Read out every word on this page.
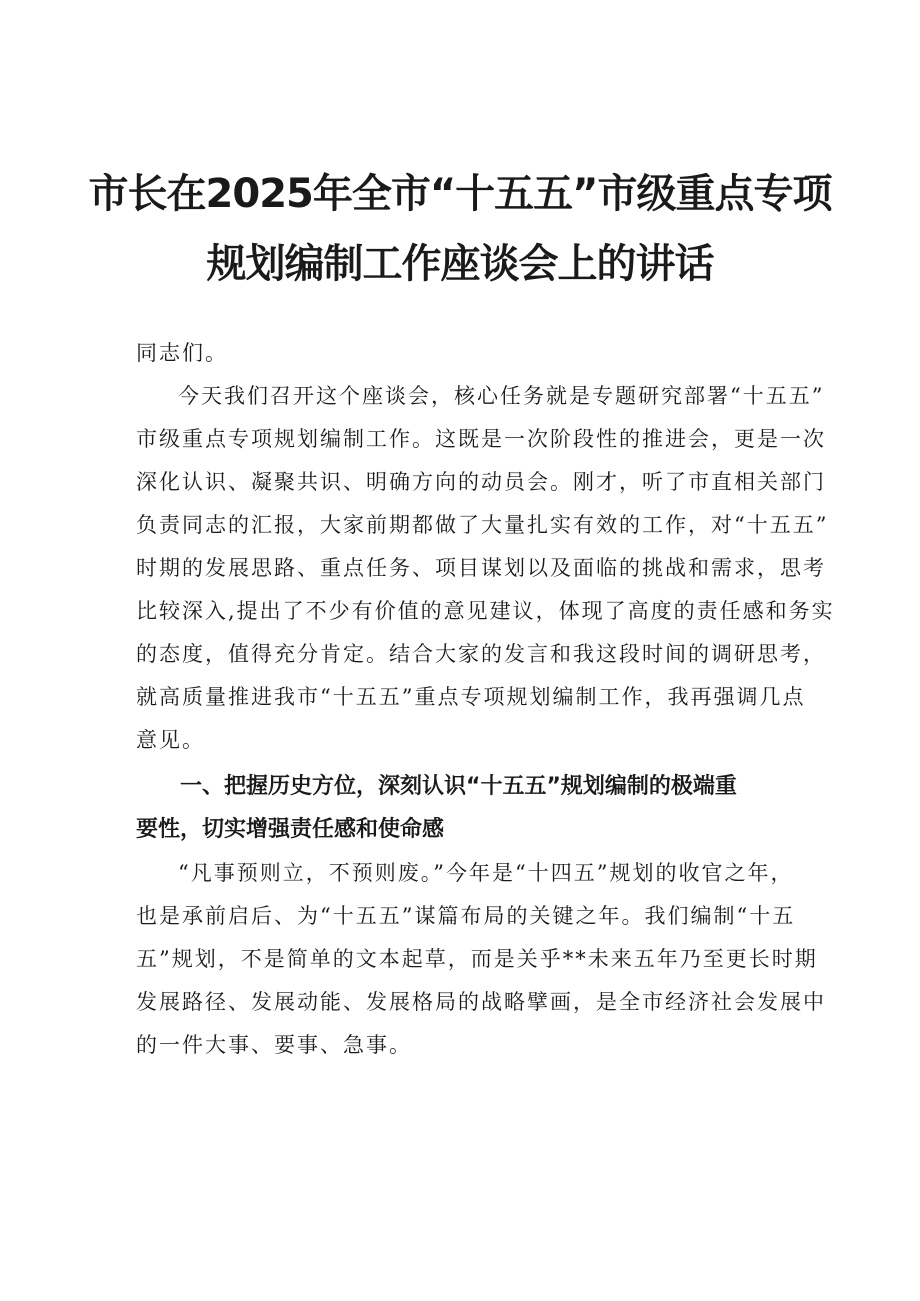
市长在2025年全市“十五五”市级重点专项
规划编制工作座谈会上的讲话

同志们。

今天我们召开这个座谈会，核心任务就是专题研究部署“十五五”

市级重点专项规划编制工作。这既是一次阶段性的推进会，更是一次

深化认识、凝聚共识、明确方向的动员会。刚才，听了市直相关部门

负责同志的汇报，大家前期都做了大量扎实有效的工作，对“十五五”

时期的发展思路、重点任务、项目谋划以及面临的挑战和需求，思考

比较深入,提出了不少有价值的意见建议，体现了高度的责任感和务实

的态度，值得充分肯定。结合大家的发言和我这段时间的调研思考，

就高质量推进我市“十五五”重点专项规划编制工作，我再强调几点

意见。

一、把握历史方位，深刻认识“十五五”规划编制的极端重

要性，切实增强责任感和使命感

“凡事预则立，不预则废。”今年是“十四五”规划的收官之年，

也是承前启后、为“十五五”谋篇布局的关键之年。我们编制“十五

五”规划，不是简单的文本起草，而是关乎**未来五年乃至更长时期

发展路径、发展动能、发展格局的战略擘画，是全市经济社会发展中

的一件大事、要事、急事。
